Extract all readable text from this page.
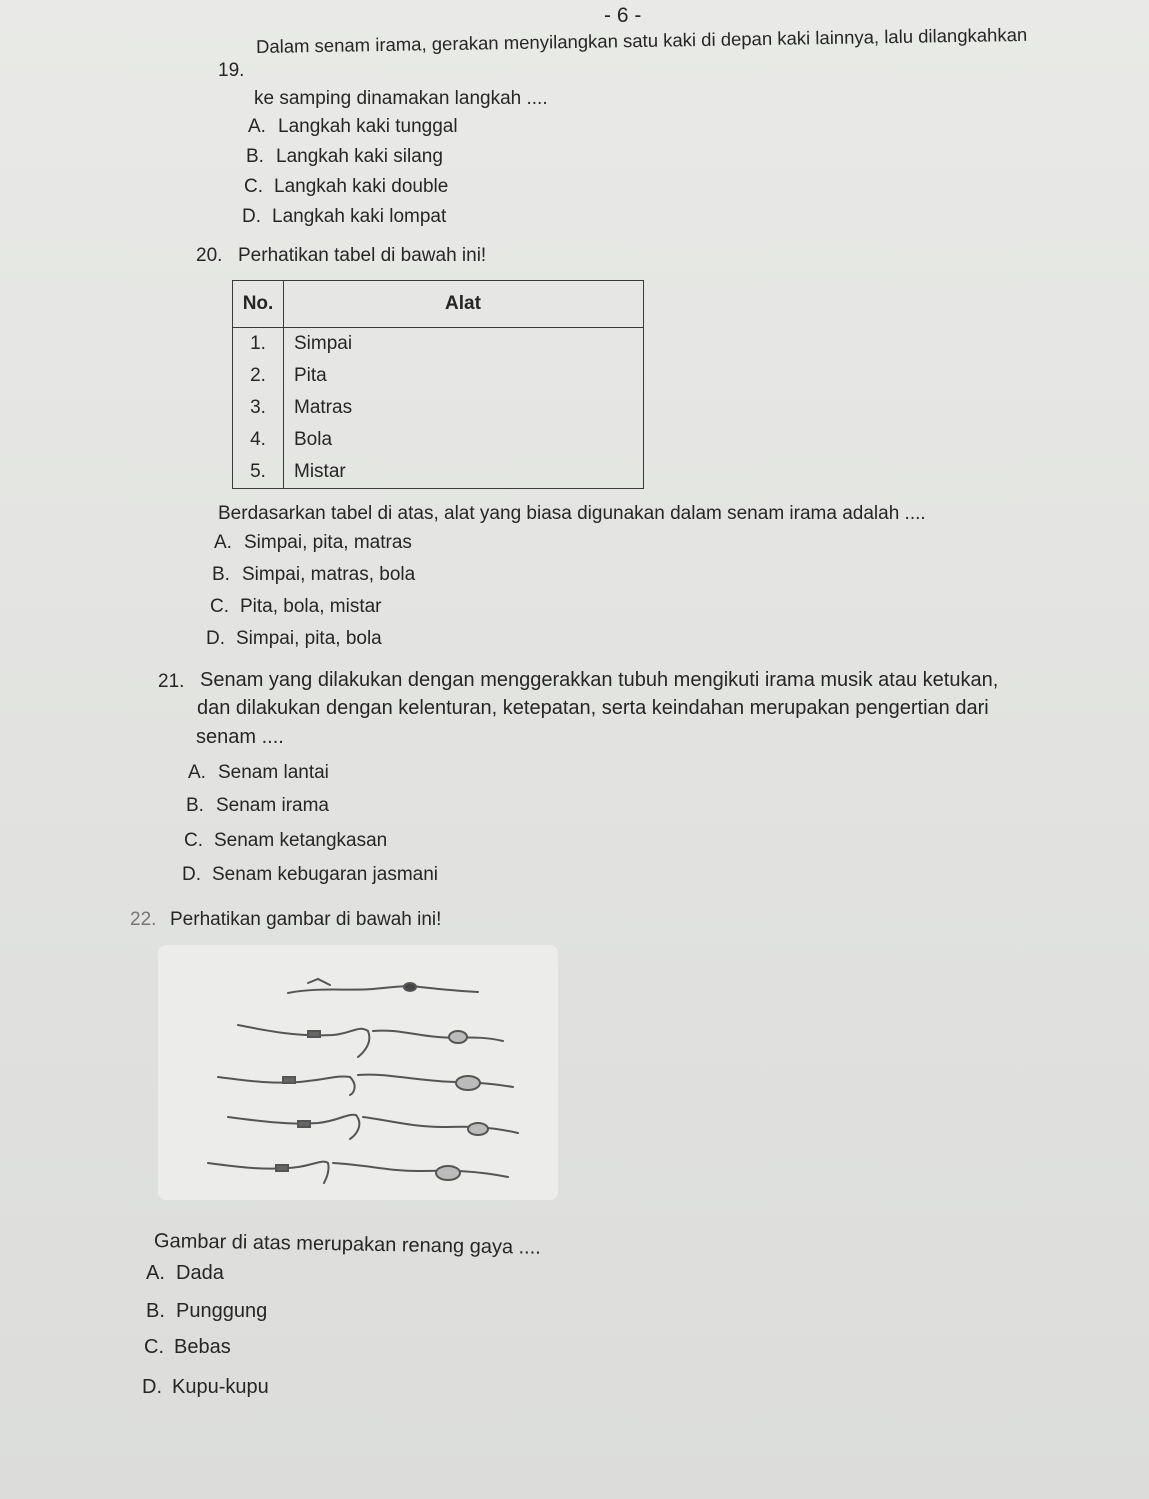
- 6 -
19.
Dalam senam irama, gerakan menyilangkan satu kaki di depan kaki lainnya, lalu dilangkahkan
ke samping dinamakan langkah ....
A. Langkah kaki tunggal
B. Langkah kaki silang
C. Langkah kaki double
D. Langkah kaki lompat
20. Perhatikan tabel di bawah ini!
No.	Alat
1.	Simpai
2.	Pita
3.	Matras
4.	Bola
5.	Mistar
Berdasarkan tabel di atas, alat yang biasa digunakan dalam senam irama adalah ....
A. Simpai, pita, matras
B. Simpai, matras, bola
C. Pita, bola, mistar
D. Simpai, pita, bola
21. Senam yang dilakukan dengan menggerakkan tubuh mengikuti irama musik atau ketukan,
dan dilakukan dengan kelenturan, ketepatan, serta keindahan merupakan pengertian dari
senam ....
A. Senam lantai
B. Senam irama
C. Senam ketangkasan
D. Senam kebugaran jasmani
22. Perhatikan gambar di bawah ini!
Gambar di atas merupakan renang gaya ....
A. Dada
B. Punggung
C. Bebas
D. Kupu-kupu
